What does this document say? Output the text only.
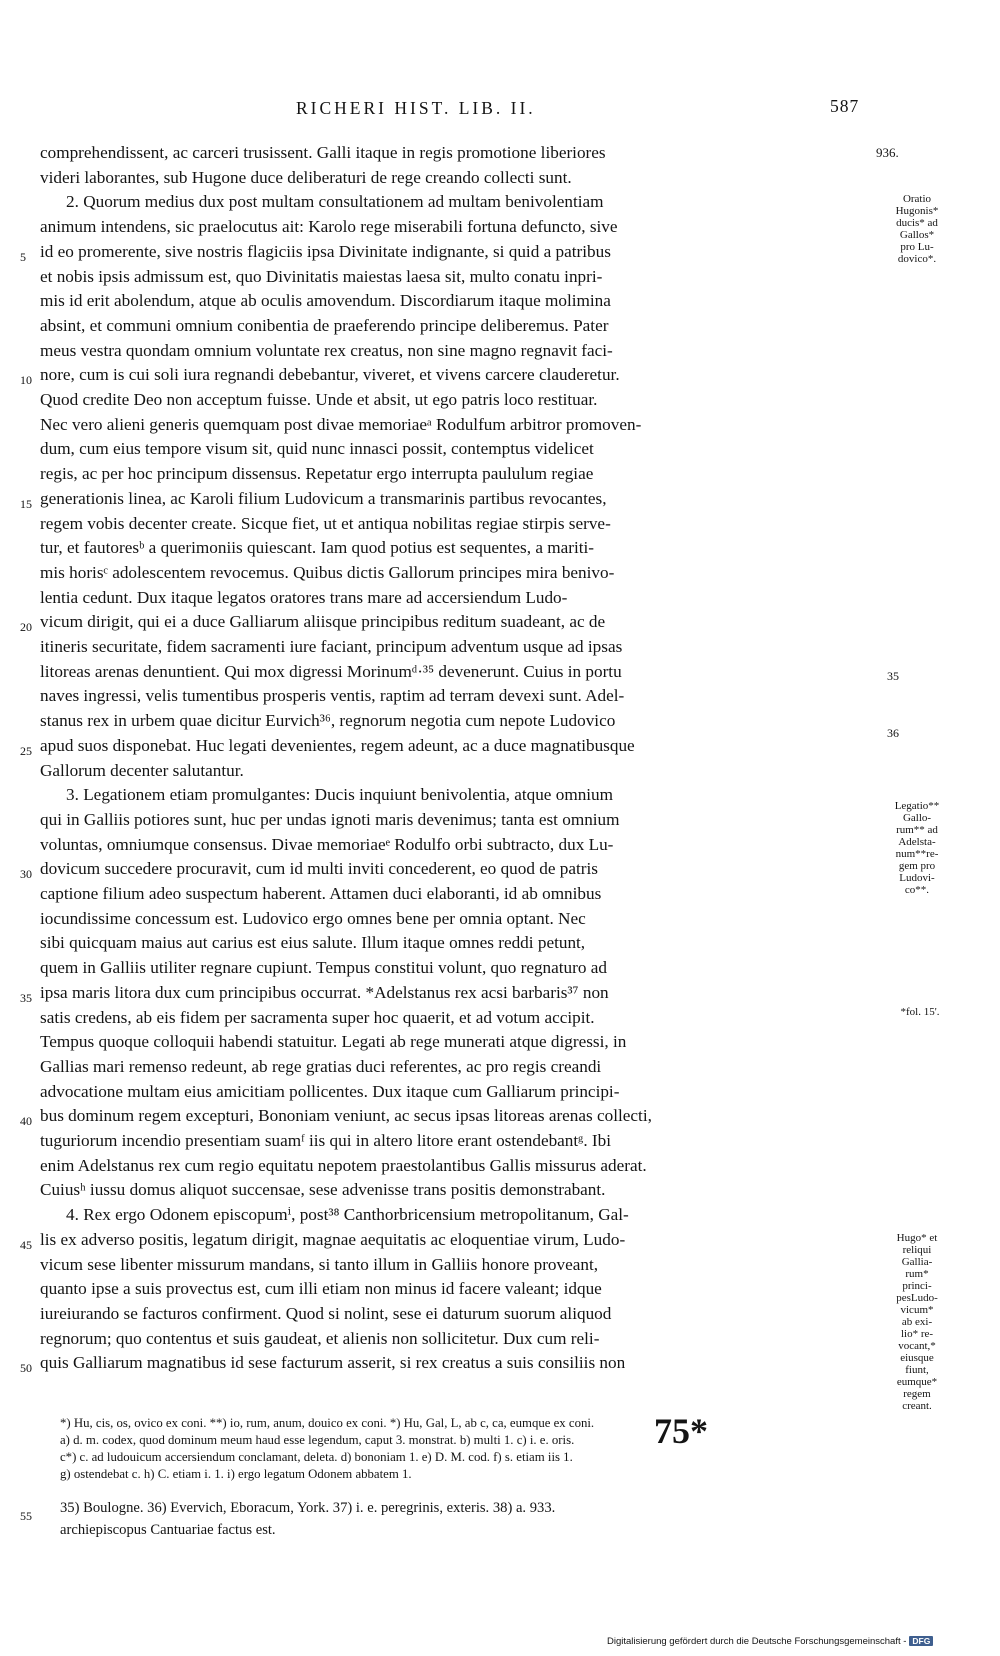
RICHERI HIST. LIB. II.	587
comprehendissent, ac carceri trusissent. Galli itaque in regis promotione liberiores
videri laborantes, sub Hugone duce deliberaturi de rege creando collecti sunt.
2. Quorum medius dux post multam consultationem ad multam benivolentiam
animum intendens, sic praelocutus ait: Karolo rege miserabili fortuna defuncto, sive
id eo promerente, sive nostris flagiciis ipsa Divinitate indignante, si quid a patribus
et nobis ipsis admissum est, quo Divinitatis maiestas laesa sit, multo conatu inpri-
mis id erit abolendum, atque ab oculis amovendum. Discordiarum itaque molimina
absint, et communi omnium conibentia de praeferendo principe deliberemus. Pater
meus vestra quondam omnium voluntate rex creatus, non sine magno regnavit faci-
nore, cum is cui soli iura regnandi debebantur, viveret, et vivens carcere clauderetur.
Quod credite Deo non acceptum fuisse. Unde et absit, ut ego patris loco restituar.
Nec vero alieni generis quemquam post divae memoriaeᵃ Rodulfum arbitror promoven-
dum, cum eius tempore visum sit, quid nunc innasci possit, contemptus videlicet
regis, ac per hoc principum dissensus. Repetatur ergo interrupta paululum regiae
generationis linea, ac Karoli filium Ludovicum a transmarinis partibus revocantes,
regem vobis decenter create. Sicque fiet, ut et antiqua nobilitas regiae stirpis serve-
tur, et fautoresᵇ a querimoniis quiescant. Iam quod potius est sequentes, a mariti-
mis horisᶜ adolescentem revocemus. Quibus dictis Gallorum principes mira benivo-
lentia cedunt. Dux itaque legatos oratores trans mare ad accersiendum Ludo-
vicum dirigit, qui ei a duce Galliarum aliisque principibus reditum suadeant, ac de
itineris securitate, fidem sacramenti iure faciant, principum adventum usque ad ipsas
litoreas arenas denuntient. Qui mox digressi Morinumᵈ·³⁵ devenerunt. Cuius in portu
naves ingressi, velis tumentibus prosperis ventis, raptim ad terram devexi sunt. Adel-
stanus rex in urbem quae dicitur Eurvich³⁶, regnorum negotia cum nepote Ludovico
apud suos disponebat. Huc legati devenientes, regem adeunt, ac a duce magnatibusque
Gallorum decenter salutantur.
3. Legationem etiam promulgantes: Ducis inquiunt benivolentia, atque omnium
qui in Galliis potiores sunt, huc per undas ignoti maris devenimus; tanta est omnium
voluntas, omniumque consensus. Divae memoriaeᵉ Rodulfo orbi subtracto, dux Lu-
dovicum succedere procuravit, cum id multi inviti concederent, eo quod de patris
captione filium adeo suspectum haberent. Attamen duci elaboranti, id ab omnibus
iocundissime concessum est. Ludovico ergo omnes bene per omnia optant. Nec
sibi quicquam maius aut carius est eius salute. Illum itaque omnes reddi petunt,
quem in Galliis utiliter regnare cupiunt. Tempus constitui volunt, quo regnaturo ad
ipsa maris litora dux cum principibus occurrat. *Adelstanus rex acsi barbaris³⁷ non
satis credens, ab eis fidem per sacramenta super hoc quaerit, et ad votum accipit.
Tempus quoque colloquii habendi statuitur. Legati ab rege munerati atque digressi, in
Gallias mari remenso redeunt, ab rege gratias duci referentes, ac pro regis creandi
advocatione multam eius amicitiam pollicentes. Dux itaque cum Galliarum principi-
bus dominum regem excepturi, Bononiam veniunt, ac secus ipsas litoreas arenas collecti,
tuguriorum incendio presentiam suamᶠ iis qui in altero litore erant ostendebantᵍ. Ibi
enim Adelstanus rex cum regio equitatu nepotem praestolantibus Gallis missurus aderat.
Cuiusʰ iussu domus aliquot succensae, sese advenisse trans positis demonstrabant.
4. Rex ergo Odonem episcopumⁱ, post³⁸ Canthorbricensium metropolitanum, Gal-
lis ex adverso positis, legatum dirigit, magnae aequitatis ac eloquentiae virum, Ludo-
vicum sese libenter missurum mandans, si tanto illum in Galliis honore proveant,
quanto ipse a suis provectus est, cum illi etiam non minus id facere valeant; idque
iureiurando se facturos confirment. Quod si nolint, sese ei daturum suorum aliquod
regnorum; quo contentus et suis gaudeat, et alienis non sollicitetur. Dux cum reli-
quis Galliarum magnatibus id sese facturum asserit, si rex creatus a suis consiliis non
5
10
15
20
25
30
35
40
45
50
55
936.
Oratio
Hugonis*
ducis* ad
Gallos*
pro Lu-
dovico*.
35
36
Legatio**
Gallo-
rum** ad
Adelsta-
num**re-
gem pro
Ludovi-
co**.
*fol. 15'.
Hugo* et
reliqui
Gallia-
rum*
princi-
pesLudo-
vicum*
ab exi-
lio* re-
vocant,*
eiusque
fiunt,
eumque*
regem
creant.
*) Hu, cis, os, ovico ex coni. **) io, rum, anum, douico ex coni. *) Hu, Gal, L, ab c, ca, eumque ex coni.
a) d. m. codex, quod dominum meum haud esse legendum, caput 3. monstrat. b) multi 1. c) i. e. oris.
c*) c. ad ludouicum accersiendum conclamant, deleta. d) bononiam 1. e) D. M. cod. f) s. etiam iis 1.
g) ostendebat c. h) C. etiam i. 1. i) ergo legatum Odonem abbatem 1.
35) Boulogne. 36) Evervich, Eboracum, York. 37) i. e. peregrinis, exteris. 38) a. 933.
archiepiscopus Cantuariae factus est.
75*
Digitalisierung gefördert durch die Deutsche Forschungsgemeinschaft - DFG
